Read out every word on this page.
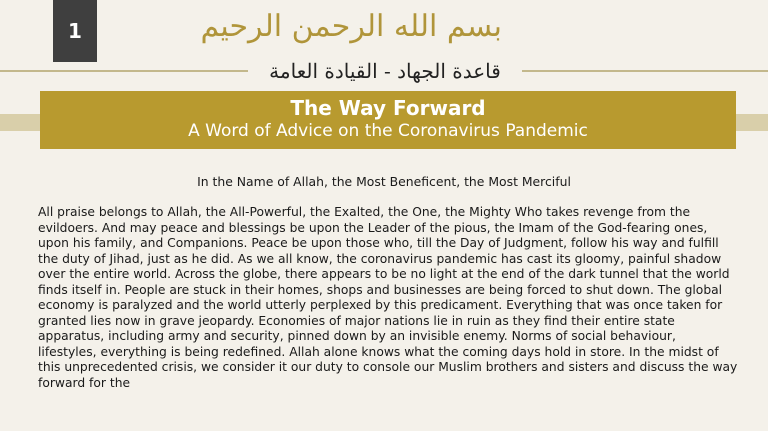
1	بسم الله الرحمن الرحيم
قاعدة الجهاد - القيادة العامة
The Way Forward
A Word of Advice on the Coronavirus Pandemic
In the Name of Allah, the Most Beneficent, the Most Merciful

All praise belongs to Allah, the All-Powerful, the Exalted, the One, the Mighty Who takes revenge from the evildoers. And may peace and blessings be upon the Leader of the pious, the Imam of the God-fearing ones, upon his family, and Companions. Peace be upon those who, till the Day of Judgment, follow his way and fulfill the duty of Jihad, just as he did. As we all know, the coronavirus pandemic has cast its gloomy, painful shadow over the entire world. Across the globe, there appears to be no light at the end of the dark tunnel that the world finds itself in. People are stuck in their homes, shops and businesses are being forced to shut down. The global economy is paralyzed and the world utterly perplexed by this predicament. Everything that was once taken for granted lies now in grave jeopardy. Economies of major nations lie in ruin as they find their entire state apparatus, including army and security, pinned down by an invisible enemy. Norms of social behaviour, lifestyles, everything is being redefined. Allah alone knows what the coming days hold in store. In the midst of this unprecedented crisis, we consider it our duty to console our Muslim brothers and sisters and discuss the way forward for the
